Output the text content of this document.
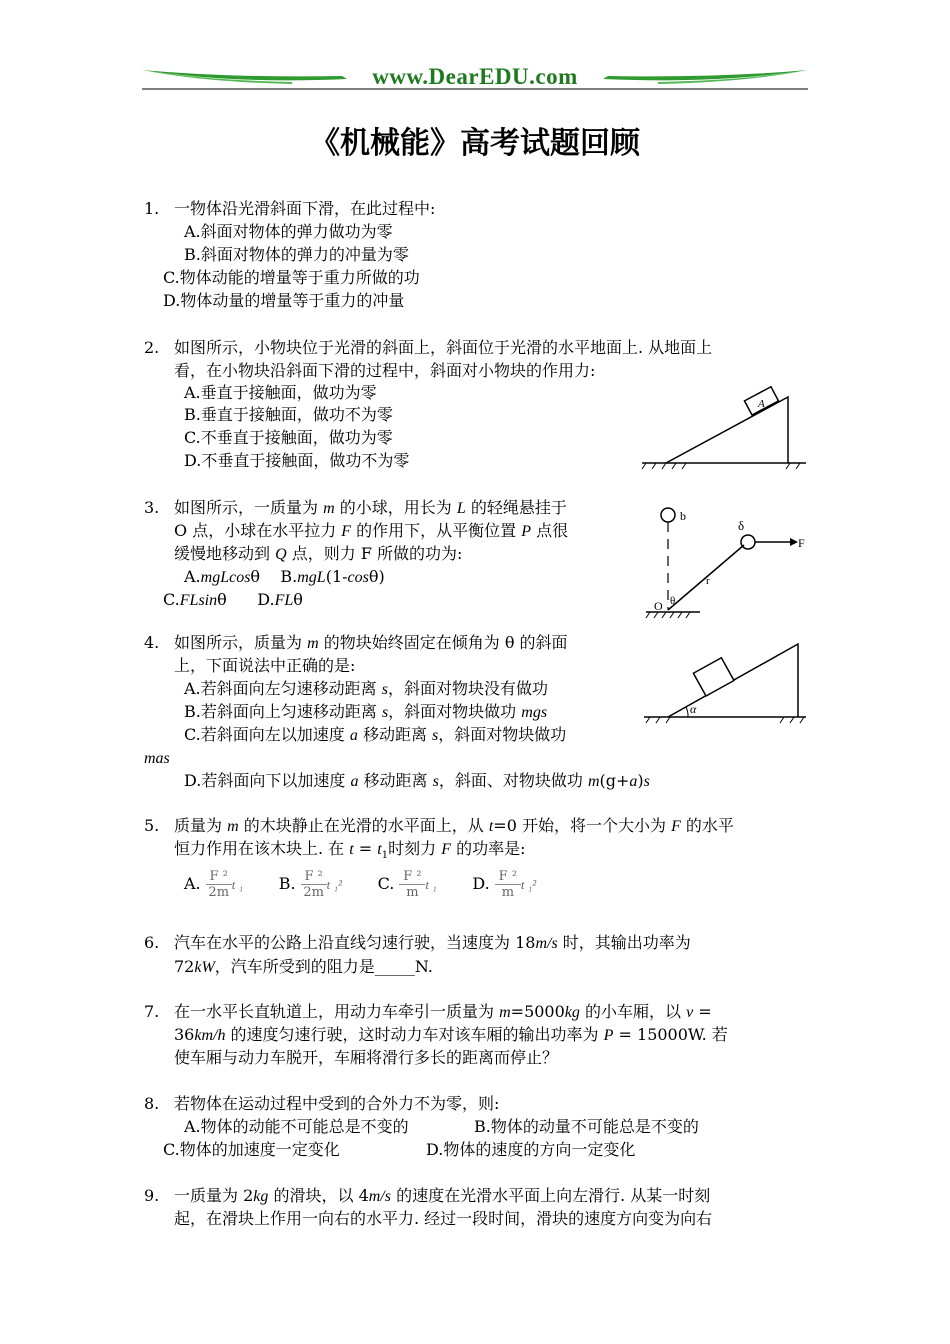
www.DearEDU.com
《机械能》高考试题回顾
1. 一物体沿光滑斜面下滑，在此过程中:
A.斜面对物体的弹力做功为零
B.斜面对物体的弹力的冲量为零
C.物体动能的增量等于重力所做的功
D.物体动量的增量等于重力的冲量
2. 如图所示，小物块位于光滑的斜面上，斜面位于光滑的水平地面上. 从地面上
看，在小物块沿斜面下滑的过程中，斜面对小物块的作用力:
A.垂直于接触面，做功为零
B.垂直于接触面，做功不为零
C.不垂直于接触面，做功为零
D.不垂直于接触面，做功不为零
A
3. 如图所示，一质量为 m 的小球，用长为 L 的轻绳悬挂于
O 点，小球在水平拉力 F 的作用下，从平衡位置 P 点很
缓慢地移动到 Q 点，则力 F 所做的功为:
A.mgLcosθ B.mgL(1-cosθ)
C.FLsinθ D.FLθ
b
δ
F
O θ
r
4. 如图所示，质量为 m 的物块始终固定在倾角为 θ 的斜面
上，下面说法中正确的是:
A.若斜面向左匀速移动距离 s，斜面对物块没有做功
B.若斜面向上匀速移动距离 s，斜面对物块做功 mgs
C.若斜面向左以加速度 a 移动距离 s，斜面对物块做功
mas
D.若斜面向下以加速度 a 移动距离 s，斜面、对物块做功 m(g+a)s
α
5. 质量为 m 的木块静止在光滑的水平面上，从 t=0 开始，将一个大小为 F 的水平
恒力作用在该木块上. 在 $t = t_1$时刻力 F 的功率是:
A. $\frac{\text{F ²}}{2m}$ t ₁ B. $\frac{\text{F ²}}{2m}$ t ₁² C. $\frac{\text{F ²}}{m}$ t ₁ D. $\frac{\text{F ²}}{m}$ t ₁²
6. 汽车在水平的公路上沿直线匀速行驶，当速度为 18m/s 时，其输出功率为
72kW，汽车所受到的阻力是_____N.
7. 在一水平长直轨道上，用动力车牵引一质量为 m=5000kg 的小车厢，以 v =
36km/h 的速度匀速行驶，这时动力车对该车厢的输出功率为 P = 15000W. 若
使车厢与动力车脱开，车厢将滑行多长的距离而停止？
8. 若物体在运动过程中受到的合外力不为零，则:
A.物体的动能不可能总是不变的	B.物体的动量不可能总是不变的
C.物体的加速度一定变化	D.物体的速度的方向一定变化
9. 一质量为 2kg 的滑块，以 4m/s 的速度在光滑水平面上向左滑行. 从某一时刻
起，在滑块上作用一向右的水平力. 经过一段时间，滑块的速度方向变为向右
